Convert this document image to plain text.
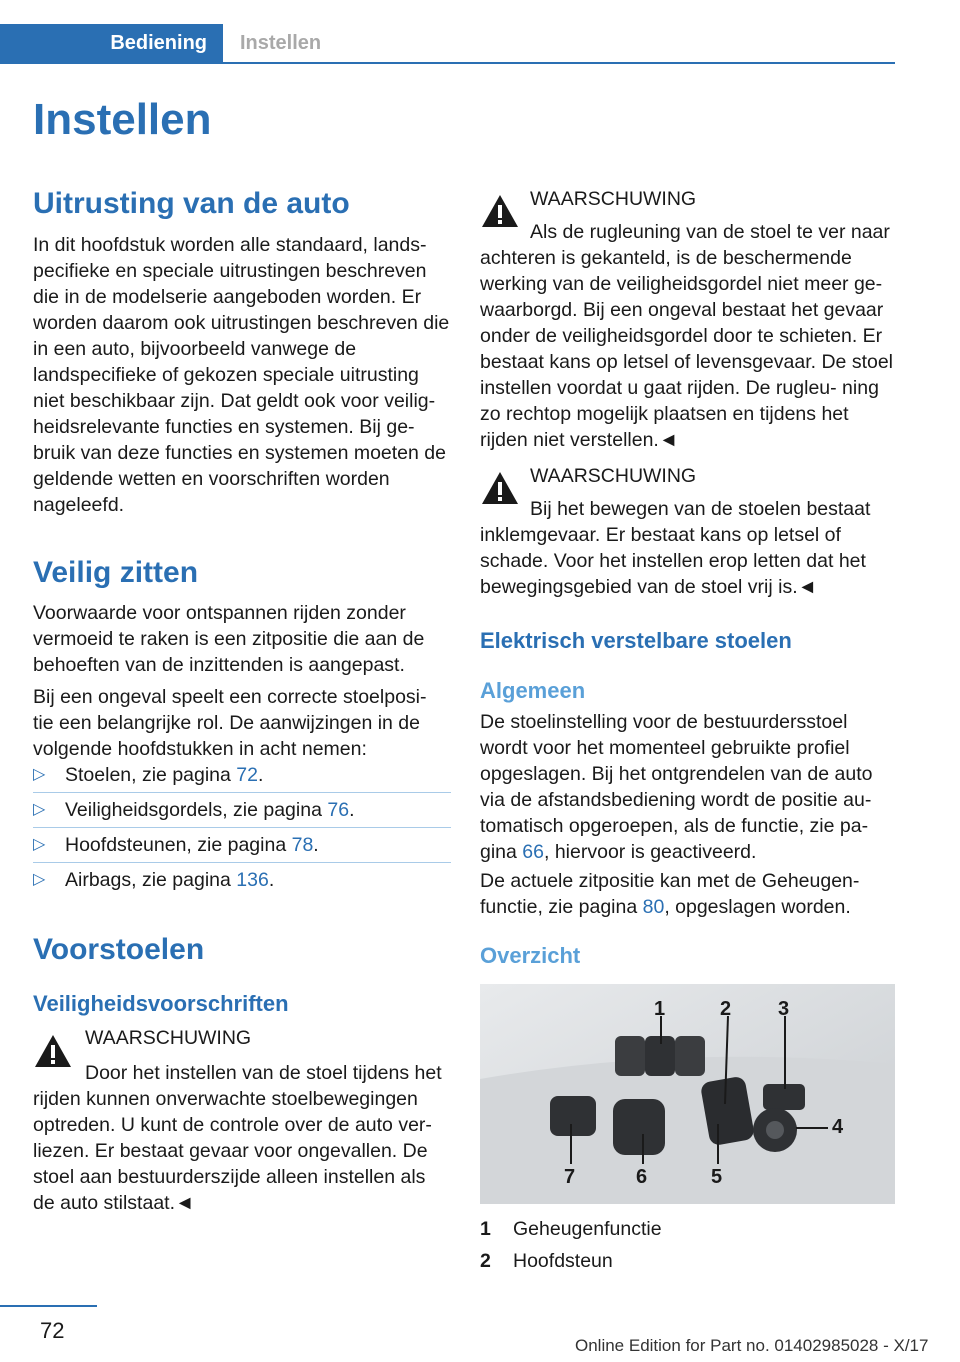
Bediening	Instellen
Instellen
Uitrusting van de auto

In dit hoofdstuk worden alle standaard, lands- pecifieke en speciale uitrustingen beschreven die in de modelserie aangeboden worden. Er worden daarom ook uitrustingen beschreven die in een auto, bijvoorbeeld vanwege de landspecifieke of gekozen speciale uitrusting niet beschikbaar zijn. Dat geldt ook voor veilig- heidsrelevante functies en systemen. Bij ge- bruik van deze functies en systemen moeten de geldende wetten en voorschriften worden nageleefd.

Veilig zitten

Voorwaarde voor ontspannen rijden zonder vermoeid te raken is een zitpositie die aan de behoeften van de inzittenden is aangepast.

Bij een ongeval speelt een correcte stoelposi- tie een belangrijke rol. De aanwijzingen in de volgende hoofdstukken in acht nemen:

▷ Stoelen, zie pagina 72.
▷ Veiligheidsgordels, zie pagina 76.
▷ Hoofdsteunen, zie pagina 78.
▷ Airbags, zie pagina 136.
Voorstoelen
Veiligheidsvoorschriften
WAARSCHUWING
Door het instellen van de stoel tijdens het

rijden kunnen onverwachte stoelbewegingen optreden. U kunt de controle over de auto ver- liezen. Er bestaat gevaar voor ongevallen. De stoel aan bestuurderszijde alleen instellen als de auto stilstaat.◄

WAARSCHUWING
Als de rugleuning van de stoel te ver naar

achteren is gekanteld, is de beschermende werking van de veiligheidsgordel niet meer ge- waarborgd. Bij een ongeval bestaat het gevaar onder de veiligheidsgordel door te schieten. Er bestaat kans op letsel of levensgevaar. De stoel instellen voordat u gaat rijden. De rugleu- ning zo rechtop mogelijk plaatsen en tijdens het rijden niet verstellen.◄

WAARSCHUWING
Bij het bewegen van de stoelen bestaat

inklemgevaar. Er bestaat kans op letsel of schade. Voor het instellen erop letten dat het bewegingsgebied van de stoel vrij is.◄

Elektrisch verstelbare stoelen
Algemeen

De stoelinstelling voor de bestuurdersstoel wordt voor het momenteel gebruikte profiel opgeslagen. Bij het ontgrendelen van de auto via de afstandsbediening wordt de positie au- tomatisch opgeroepen, als de functie, zie pa- gina 66, hiervoor is geactiveerd.

De actuele zitpositie kan met de Geheugen- functie, zie pagina 80, opgeslagen worden.

Overzicht
1	2 3
4
5
6
7
1 Geheugenfunctie
2 Hoofdsteun
72
Online Edition for Part no. 01402985028 - X/17
